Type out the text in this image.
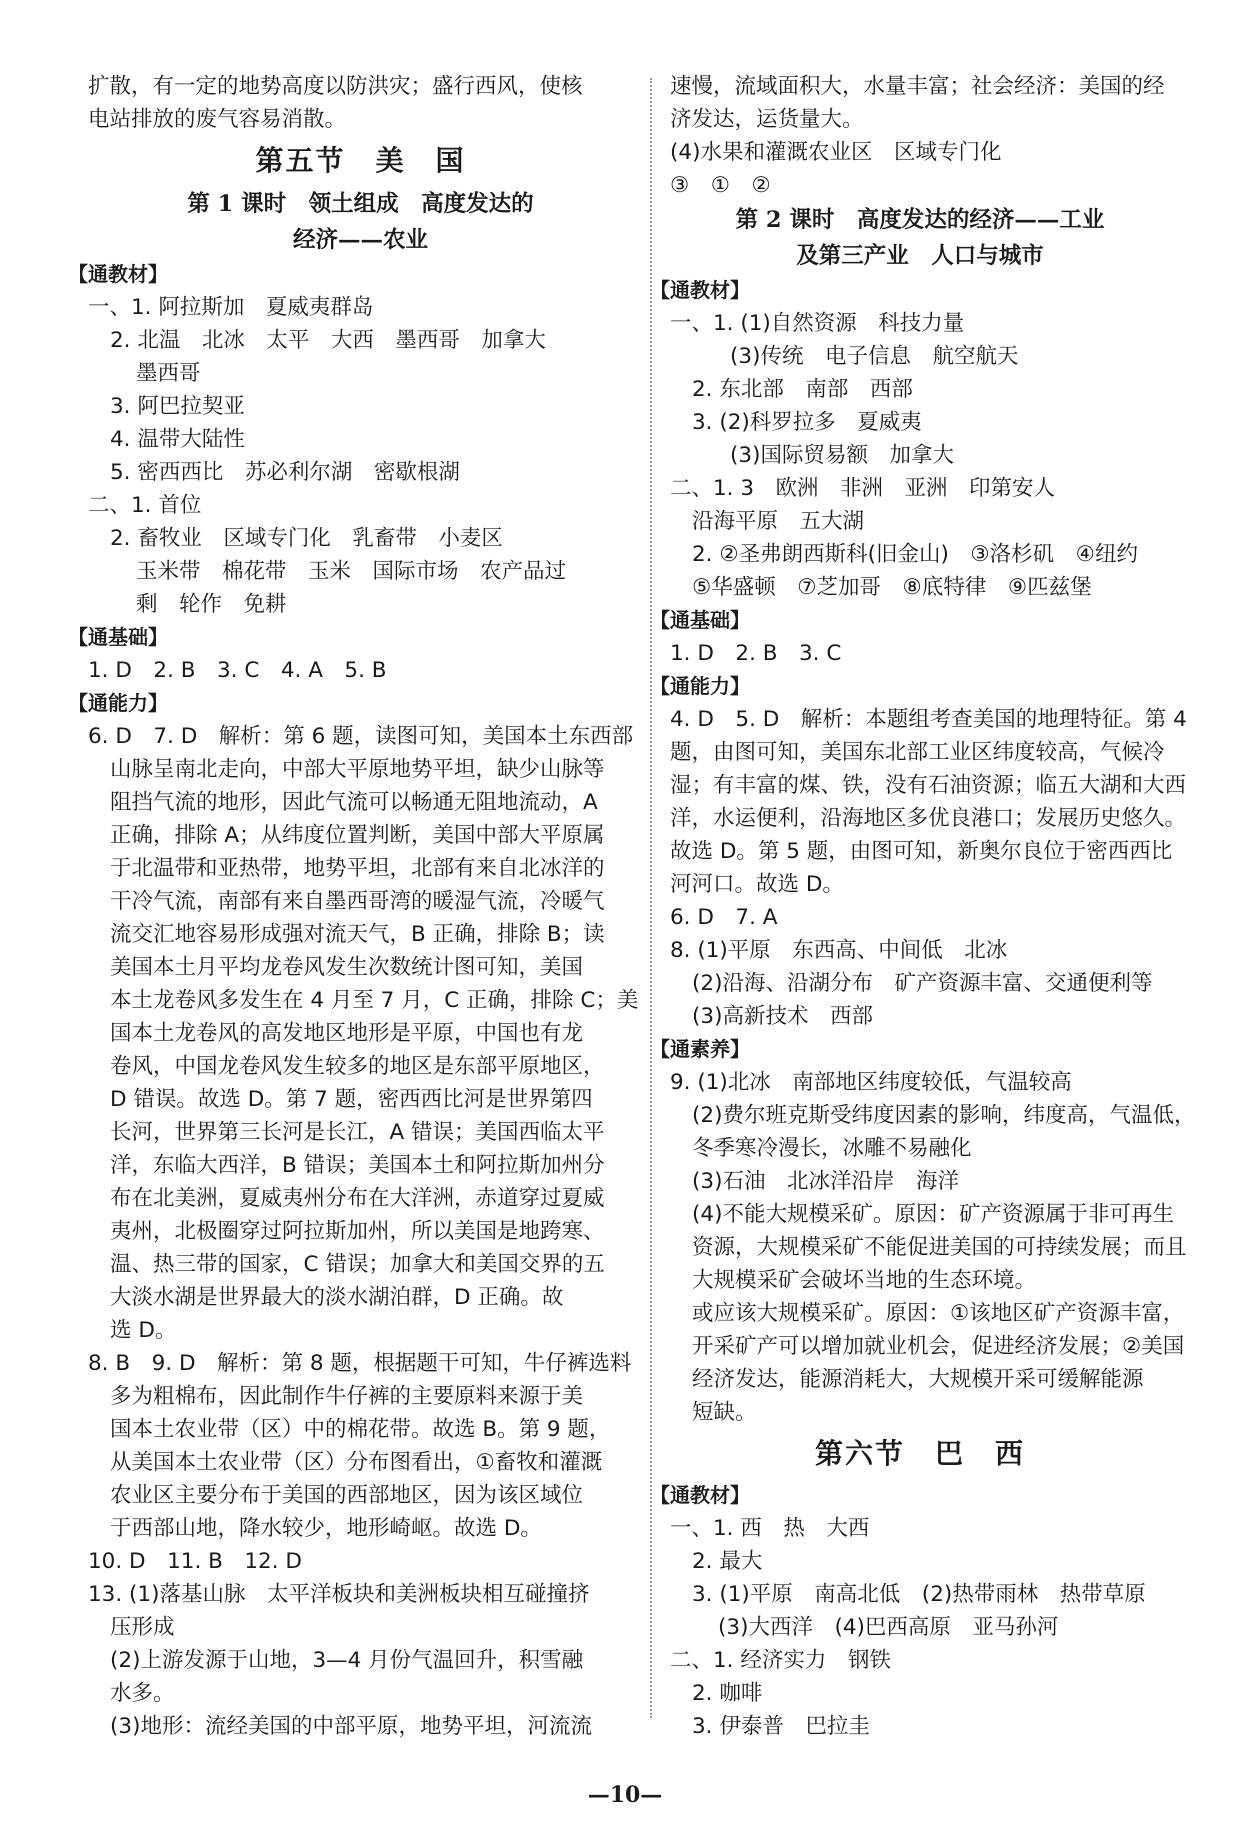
扩散，有一定的地势高度以防洪灾；盛行西风，使核
电站排放的废气容易消散。
第五节　美　国
第 1 课时　领土组成　高度发达的
经济——农业
【通教材】
一、1. 阿拉斯加　夏威夷群岛
2. 北温　北冰　太平　大西　墨西哥　加拿大
墨西哥
3. 阿巴拉契亚
4. 温带大陆性
5. 密西西比　苏必利尔湖　密歇根湖
二、1. 首位
2. 畜牧业　区域专门化　乳畜带　小麦区
玉米带　棉花带　玉米　国际市场　农产品过
剩　轮作　免耕
【通基础】
1. D　2. B　3. C　4. A　5. B
【通能力】
6. D　7. D　解析：第 6 题，读图可知，美国本土东西部
山脉呈南北走向，中部大平原地势平坦，缺少山脉等
阻挡气流的地形，因此气流可以畅通无阻地流动，A
正确，排除 A；从纬度位置判断，美国中部大平原属
于北温带和亚热带，地势平坦，北部有来自北冰洋的
干冷气流，南部有来自墨西哥湾的暖湿气流，冷暖气
流交汇地容易形成强对流天气，B 正确，排除 B；读
美国本土月平均龙卷风发生次数统计图可知，美国
本土龙卷风多发生在 4 月至 7 月，C 正确，排除 C；美
国本土龙卷风的高发地区地形是平原，中国也有龙
卷风，中国龙卷风发生较多的地区是东部平原地区，
D 错误。故选 D。第 7 题，密西西比河是世界第四
长河，世界第三长河是长江，A 错误；美国西临太平
洋，东临大西洋，B 错误；美国本土和阿拉斯加州分
布在北美洲，夏威夷州分布在大洋洲，赤道穿过夏威
夷州，北极圈穿过阿拉斯加州，所以美国是地跨寒、
温、热三带的国家，C 错误；加拿大和美国交界的五
大淡水湖是世界最大的淡水湖泊群，D 正确。故
选 D。
8. B　9. D　解析：第 8 题，根据题干可知，牛仔裤选料
多为粗棉布，因此制作牛仔裤的主要原料来源于美
国本土农业带（区）中的棉花带。故选 B。第 9 题，
从美国本土农业带（区）分布图看出，①畜牧和灌溉
农业区主要分布于美国的西部地区，因为该区域位
于西部山地，降水较少，地形崎岖。故选 D。
10. D　11. B　12. D
13. (1)落基山脉　太平洋板块和美洲板块相互碰撞挤
压形成
(2)上游发源于山地，3—4 月份气温回升，积雪融
水多。
(3)地形：流经美国的中部平原，地势平坦，河流流
速慢，流域面积大，水量丰富；社会经济：美国的经
济发达，运货量大。
(4)水果和灌溉农业区　区域专门化
③　①　②
第 2 课时　高度发达的经济——工业
及第三产业　人口与城市
【通教材】
一、1. (1)自然资源　科技力量
(3)传统　电子信息　航空航天
2. 东北部　南部　西部
3. (2)科罗拉多　夏威夷
(3)国际贸易额　加拿大
二、1. 3　欧洲　非洲　亚洲　印第安人
沿海平原　五大湖
2. ②圣弗朗西斯科(旧金山)　③洛杉矶　④纽约
⑤华盛顿　⑦芝加哥　⑧底特律　⑨匹兹堡
【通基础】
1. D　2. B　3. C
【通能力】
4. D　5. D　解析：本题组考查美国的地理特征。第 4
题，由图可知，美国东北部工业区纬度较高，气候冷
湿；有丰富的煤、铁，没有石油资源；临五大湖和大西
洋，水运便利，沿海地区多优良港口；发展历史悠久。
故选 D。第 5 题，由图可知，新奥尔良位于密西西比
河河口。故选 D。
6. D　7. A
8. (1)平原　东西高、中间低　北冰
(2)沿海、沿湖分布　矿产资源丰富、交通便利等
(3)高新技术　西部
【通素养】
9. (1)北冰　南部地区纬度较低，气温较高
(2)费尔班克斯受纬度因素的影响，纬度高，气温低，
冬季寒冷漫长，冰雕不易融化
(3)石油　北冰洋沿岸　海洋
(4)不能大规模采矿。原因：矿产资源属于非可再生
资源，大规模采矿不能促进美国的可持续发展；而且
大规模采矿会破坏当地的生态环境。
或应该大规模采矿。原因：①该地区矿产资源丰富，
开采矿产可以增加就业机会，促进经济发展；②美国
经济发达，能源消耗大，大规模开采可缓解能源
短缺。
第六节　巴　西
【通教材】
一、1. 西　热　大西
2. 最大
3. (1)平原　南高北低　(2)热带雨林　热带草原
(3)大西洋　(4)巴西高原　亚马孙河
二、1. 经济实力　钢铁
2. 咖啡
3. 伊泰普　巴拉圭
—10—
